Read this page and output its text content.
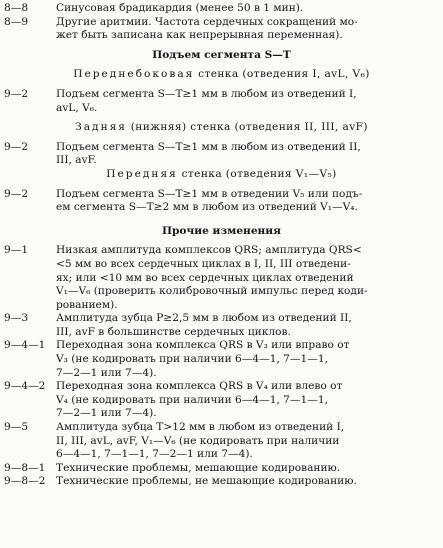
8—8	Синусовая брадикардия (менее 50 в 1 мин).
8—9	Другие аритмии. Частота сердечных сокращений мо-
жет быть записана как непрерывная переменная).
Подъем сегмента S—T
Переднебоковая стенка (отведения I, avL, V₆)
9—2	Подъем сегмента S—T≥1 мм в любом из отведений I,
avL, V₆.
Задняя (нижняя) стенка (отведения II, III, avF)
9—2	Подъем сегмента S—T≥1 мм в любом из отведений II,
III, avF.
Передняя стенка (отведения V₁—V₅)
9—2	Подъем сегмента S—T≥1 мм в отведении V₅ или подъ-
ем сегмента S—T≥2 мм в любом из отведений V₁—V₄.
Прочие изменения
9—1	Низкая амплитуда комплексов QRS; амплитуда QRS<
<5 мм во всех сердечных циклах в I, II, III отведени-
ях; или <10 мм во всех сердечных циклах отведений
V₁—V₆ (проверить колибровочный импульс перед коди-
рованием).
9—3	Амплитуда зубца P≥2,5 мм в любом из отведений II,
III, avF в большинстве сердечных циклов.
9—4—1 Переходная зона комплекса QRS в V₃ или вправо от
V₃ (не кодировать при наличии 6—4—1, 7—1—1,
7—2—1 или 7—4).
9—4—2 Переходная зона комплекса QRS в V₄ или влево от
V₄ (не кодировать при наличии 6—4—1, 7—1—1,
7—2—1 или 7—4).
9—5	Амплитуда зубца T>12 мм в любом из отведений I,
II, III, avL, avF, V₁—V₆ (не кодировать при наличии
6—4—1, 7—1—1, 7—2—1 или 7—4).
9—8—1 Технические проблемы, мешающие кодированию.
9—8—2 Технические проблемы, не мешающие кодированию.
